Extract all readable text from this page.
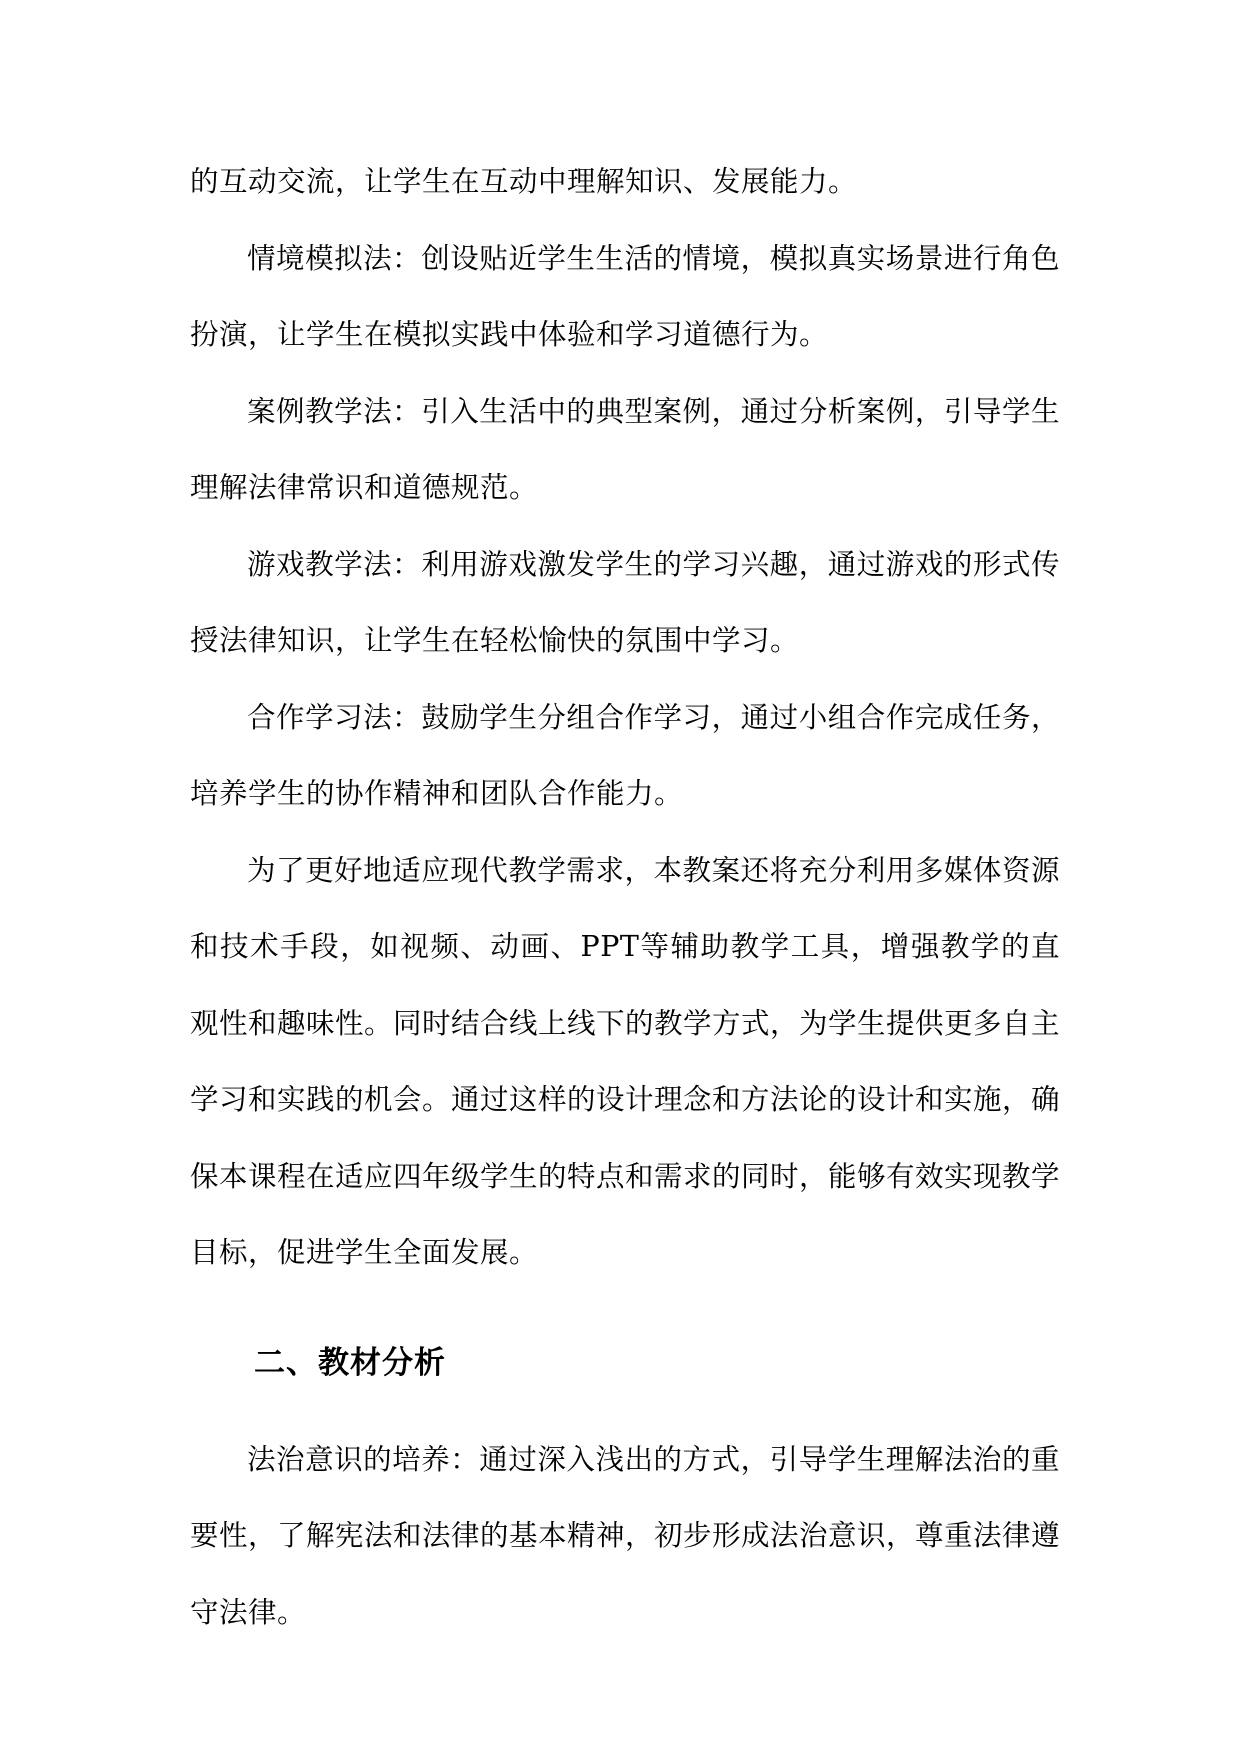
的互动交流，让学生在互动中理解知识、发展能力。

情境模拟法：创设贴近学生生活的情境，模拟真实场景进行角色扮演，让学生在模拟实践中体验和学习道德行为。

案例教学法：引入生活中的典型案例，通过分析案例，引导学生理解法律常识和道德规范。

游戏教学法：利用游戏激发学生的学习兴趣，通过游戏的形式传授法律知识，让学生在轻松愉快的氛围中学习。

合作学习法：鼓励学生分组合作学习，通过小组合作完成任务，培养学生的协作精神和团队合作能力。

为了更好地适应现代教学需求，本教案还将充分利用多媒体资源和技术手段，如视频、动画、PPT等辅助教学工具，增强教学的直观性和趣味性。同时结合线上线下的教学方式，为学生提供更多自主学习和实践的机会。通过这样的设计理念和方法论的设计和实施，确保本课程在适应四年级学生的特点和需求的同时，能够有效实现教学目标，促进学生全面发展。

二、教材分析

法治意识的培养：通过深入浅出的方式，引导学生理解法治的重要性，了解宪法和法律的基本精神，初步形成法治意识，尊重法律遵守法律。
